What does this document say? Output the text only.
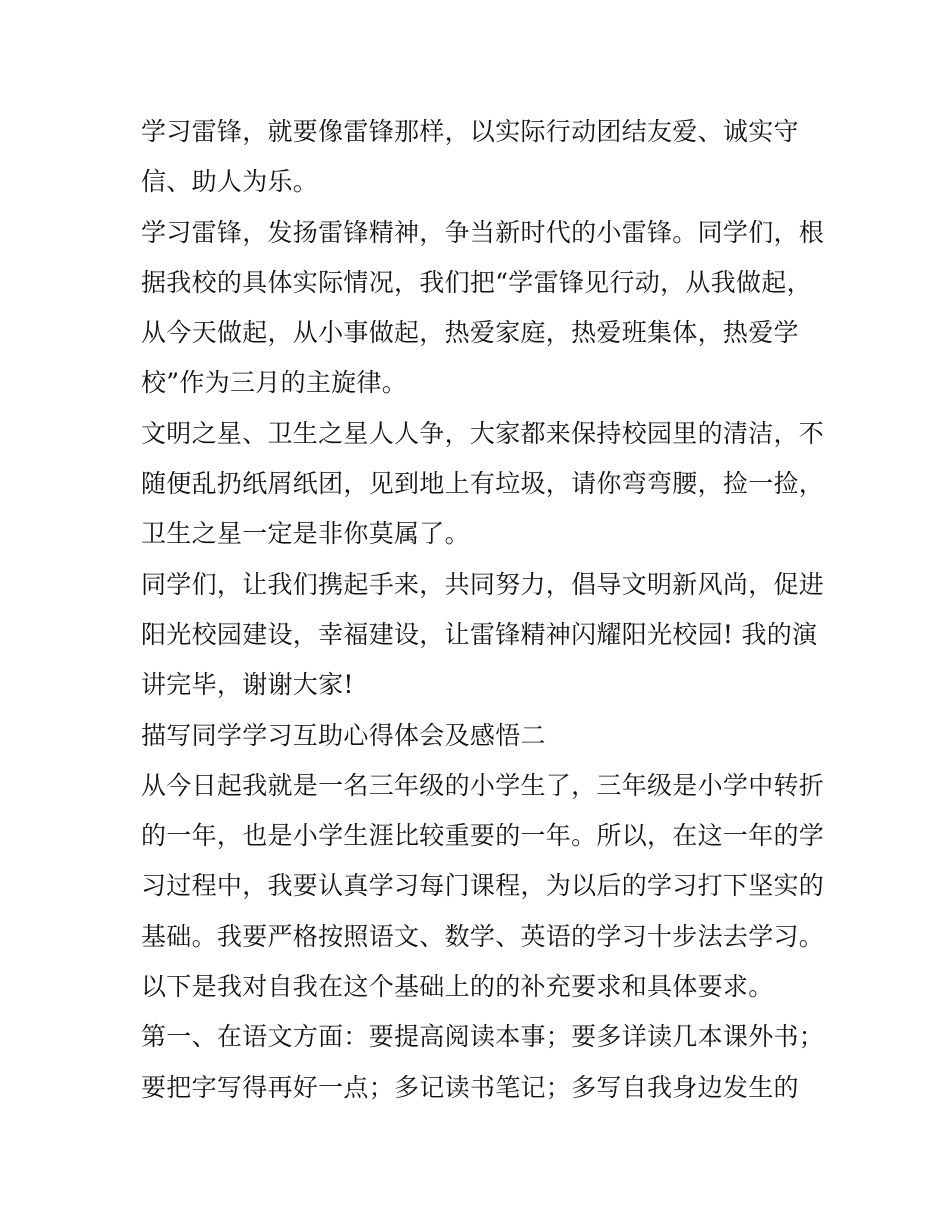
学习雷锋，就要像雷锋那样，以实际行动团结友爱、诚实守
信、助人为乐。
学习雷锋，发扬雷锋精神，争当新时代的小雷锋。同学们，根
据我校的具体实际情况，我们把“学雷锋见行动，从我做起，
从今天做起，从小事做起，热爱家庭，热爱班集体，热爱学
校”作为三月的主旋律。
文明之星、卫生之星人人争，大家都来保持校园里的清洁，不
随便乱扔纸屑纸团，见到地上有垃圾，请你弯弯腰，捡一捡，
卫生之星一定是非你莫属了。
同学们，让我们携起手来，共同努力，倡导文明新风尚，促进
阳光校园建设，幸福建设，让雷锋精神闪耀阳光校园! 我的演
讲完毕，谢谢大家!
描写同学学习互助心得体会及感悟二
从今日起我就是一名三年级的小学生了，三年级是小学中转折
的一年，也是小学生涯比较重要的一年。所以，在这一年的学
习过程中，我要认真学习每门课程，为以后的学习打下坚实的
基础。我要严格按照语文、数学、英语的学习十步法去学习。
以下是我对自我在这个基础上的的补充要求和具体要求。
第一、在语文方面：要提高阅读本事；要多详读几本课外书；
要把字写得再好一点；多记读书笔记；多写自我身边发生的
